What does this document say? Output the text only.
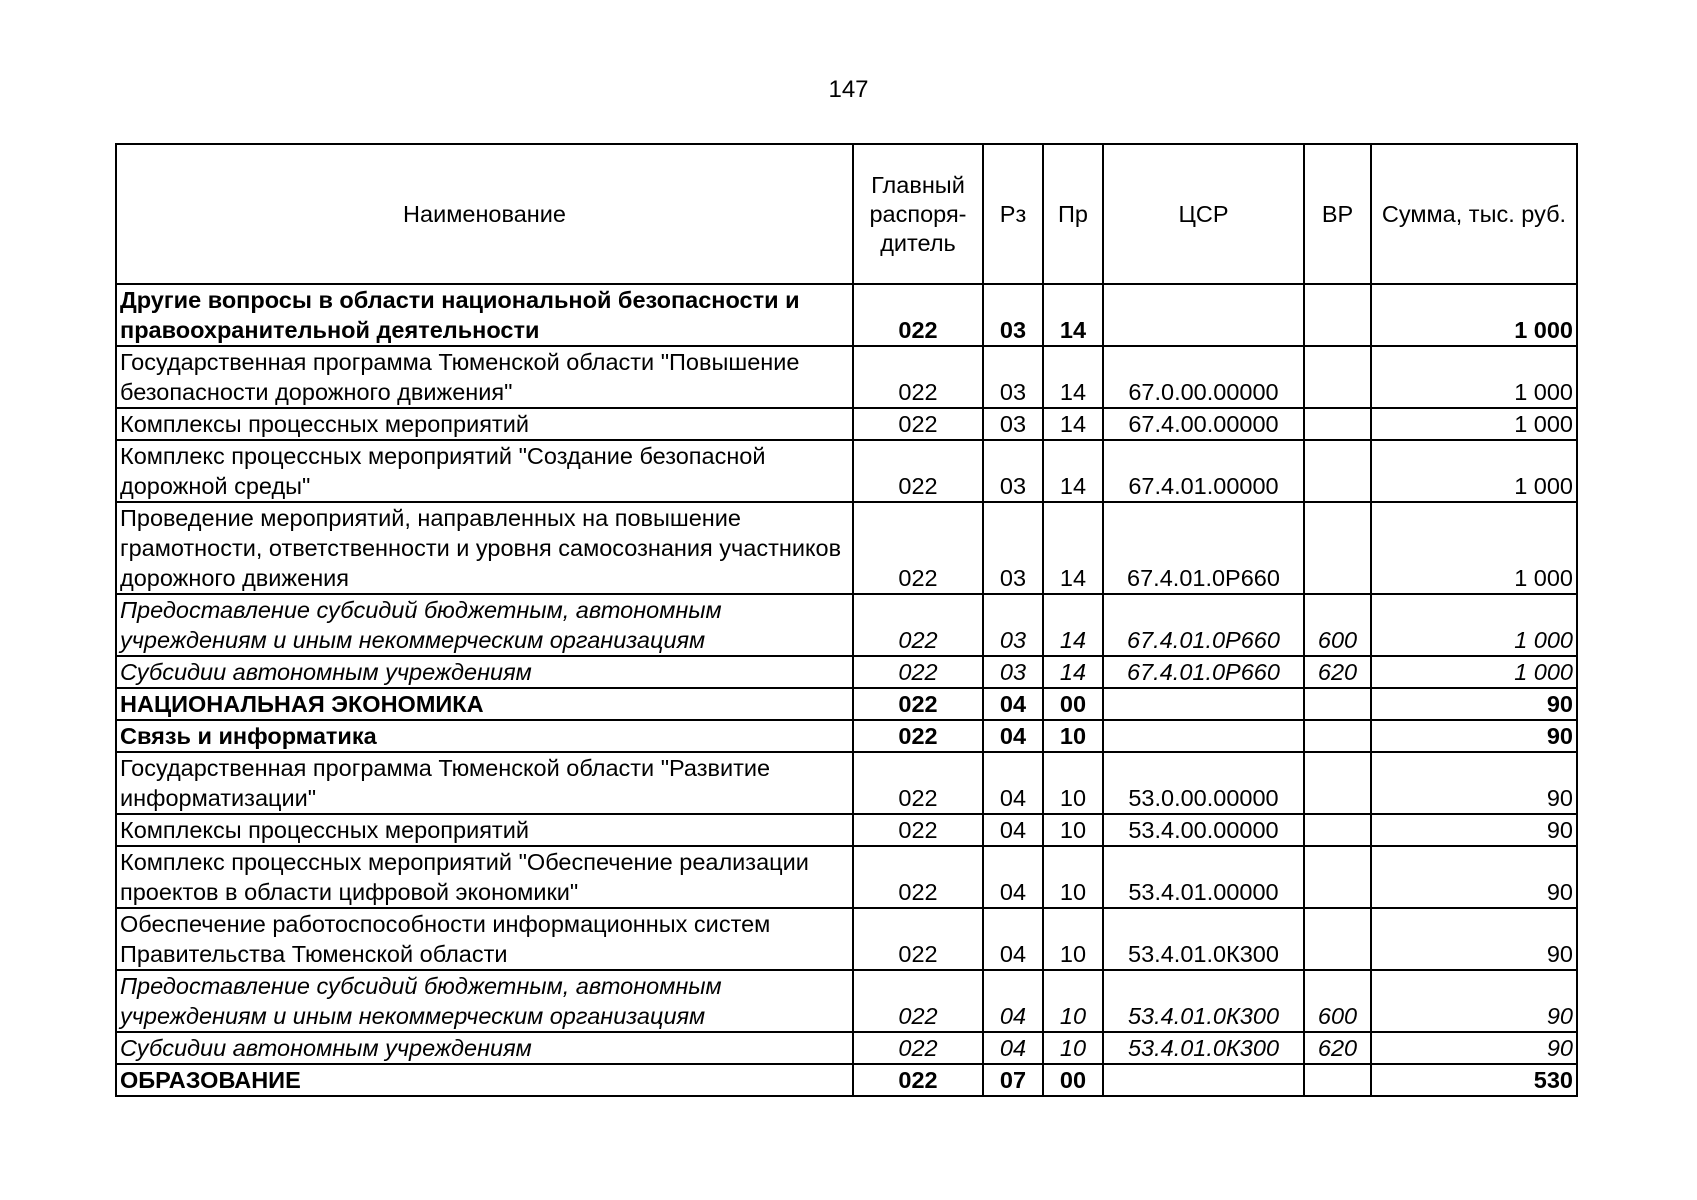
147
Наименование	Главный распоря-дитель	Рз	Пр	ЦСР	ВР	Сумма, тыс. руб.
Другие вопросы в области национальной безопасности и правоохранительной деятельности	022	03	14			1 000
Государственная программа Тюменской области "Повышение безопасности дорожного движения"	022	03	14	67.0.00.00000		1 000
Комплексы процессных мероприятий	022	03	14	67.4.00.00000		1 000
Комплекс процессных мероприятий "Создание безопасной дорожной среды"	022	03	14	67.4.01.00000		1 000
Проведение мероприятий, направленных на повышение грамотности, ответственности и уровня самосознания участников дорожного движения	022	03	14	67.4.01.0Р660		1 000
Предоставление субсидий бюджетным, автономным учреждениям и иным некоммерческим организациям	022	03	14	67.4.01.0Р660	600	1 000
Субсидии автономным учреждениям	022	03	14	67.4.01.0Р660	620	1 000
НАЦИОНАЛЬНАЯ ЭКОНОМИКА	022	04	00			90
Связь и информатика	022	04	10			90
Государственная программа Тюменской области "Развитие информатизации"	022	04	10	53.0.00.00000		90
Комплексы процессных мероприятий	022	04	10	53.4.00.00000		90
Комплекс процессных мероприятий "Обеспечение реализации проектов в области цифровой экономики"	022	04	10	53.4.01.00000		90
Обеспечение работоспособности информационных систем Правительства Тюменской области	022	04	10	53.4.01.0К300		90
Предоставление субсидий бюджетным, автономным учреждениям и иным некоммерческим организациям	022	04	10	53.4.01.0К300	600	90
Субсидии автономным учреждениям	022	04	10	53.4.01.0К300	620	90
ОБРАЗОВАНИЕ	022	07	00			530
